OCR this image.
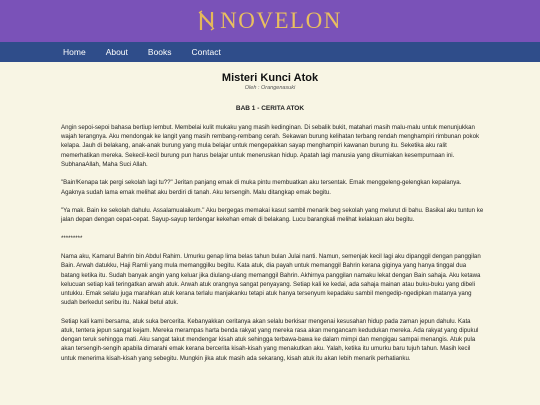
NOVELON
Home About Books Contact
Misteri Kunci Atok
Oleh : Orangenasuki
BAB 1 - CERITA ATOK

Angin sepoi-sepoi bahasa bertiup lembut. Membelai kulit mukaku yang masih kedinginan. Di sebalik bukit, matahari masih malu-malu untuk menunjukkan wajah terangnya. Aku mendongak ke langit yang masih rembang-rembang cerah. Sekawan burung kelihatan terbang rendah menghampiri rimbunan pokok kelapa. Jauh di belakang, anak-anak burung yang mula belajar untuk mengepakkan sayap menghampiri kawanan burung itu. Seketika aku ralit memerhatikan mereka. Sekecil-kecil burung pun harus belajar untuk meneruskan hidup. Apatah lagi manusia yang dikurniakan kesempurnaan ini. SubhanaAllah, Maha Suci Allah.

"Bain!Kenapa tak pergi sekolah lagi tu??" Jeritan panjang emak di muka pintu membuatkan aku tersentak. Emak menggeleng-gelengkan kepalanya. Agaknya sudah lama emak melihat aku berdiri di tanah. Aku tersengih. Malu ditangkap emak begitu.

"Ya mak. Bain ke sekolah dahulu. Assalamualaikum." Aku bergegas memakai kasut sambil menarik beg sekolah yang melurut di bahu. Basikal aku tuntun ke jalan depan dengan cepat-cepat. Sayup-sayup terdengar kekehan emak di belakang. Lucu barangkali melihat kelakuan aku begitu.

*********

Nama aku, Kamarul Bahrin bin Abdul Rahim. Umurku genap lima belas tahun bulan Julai nanti. Namun, semenjak kecil lagi aku dipanggil dengan panggilan Bain. Arwah datukku, Haji Ramli yang mula memanggilku begitu. Kata atuk, dia payah untuk memanggil Bahrin kerana giginya yang hanya tinggal dua batang ketika itu. Sudah banyak angin yang keluar jika diulang-ulang memanggil Bahrin. Akhirnya panggilan namaku lekat dengan Bain sahaja. Aku ketawa kelucuan setiap kali teringatkan arwah atuk. Arwah atuk orangnya sangat penyayang. Setiap kali ke kedai, ada sahaja mainan atau buku-buku yang dibeli untukku. Emak selalu juga marahkan atuk kerana terlalu manjakanku tetapi atuk hanya tersenyum kepadaku sambil mengedip-ngedipkan matanya yang sudah berkedut seribu itu. Nakal betul atuk.

Setiap kali kami bersama, atuk suka bercerita. Kebanyakkan ceritanya akan selalu berkisar mengenai kesusahan hidup pada zaman jepun dahulu. Kata atuk, tentera jepun sangat kejam. Mereka merampas harta benda rakyat yang mereka rasa akan mengancam kedudukan mereka. Ada rakyat yang dipukul dengan teruk sehingga mati. Aku sangat takut mendengar kisah atuk sehingga terbawa-bawa ke dalam mimpi dan mengigau sampai menangis. Atuk pula akan tersengih-sengih apabila dimarahi emak kerana bercerita kisah-kisah yang menakutkan aku. Yalah, ketika itu umurku baru tujuh tahun. Masih kecil untuk menerima kisah-kisah yang sebegitu. Mungkin jika atuk masih ada sekarang, kisah atuk itu akan lebih menarik perhatianku.
